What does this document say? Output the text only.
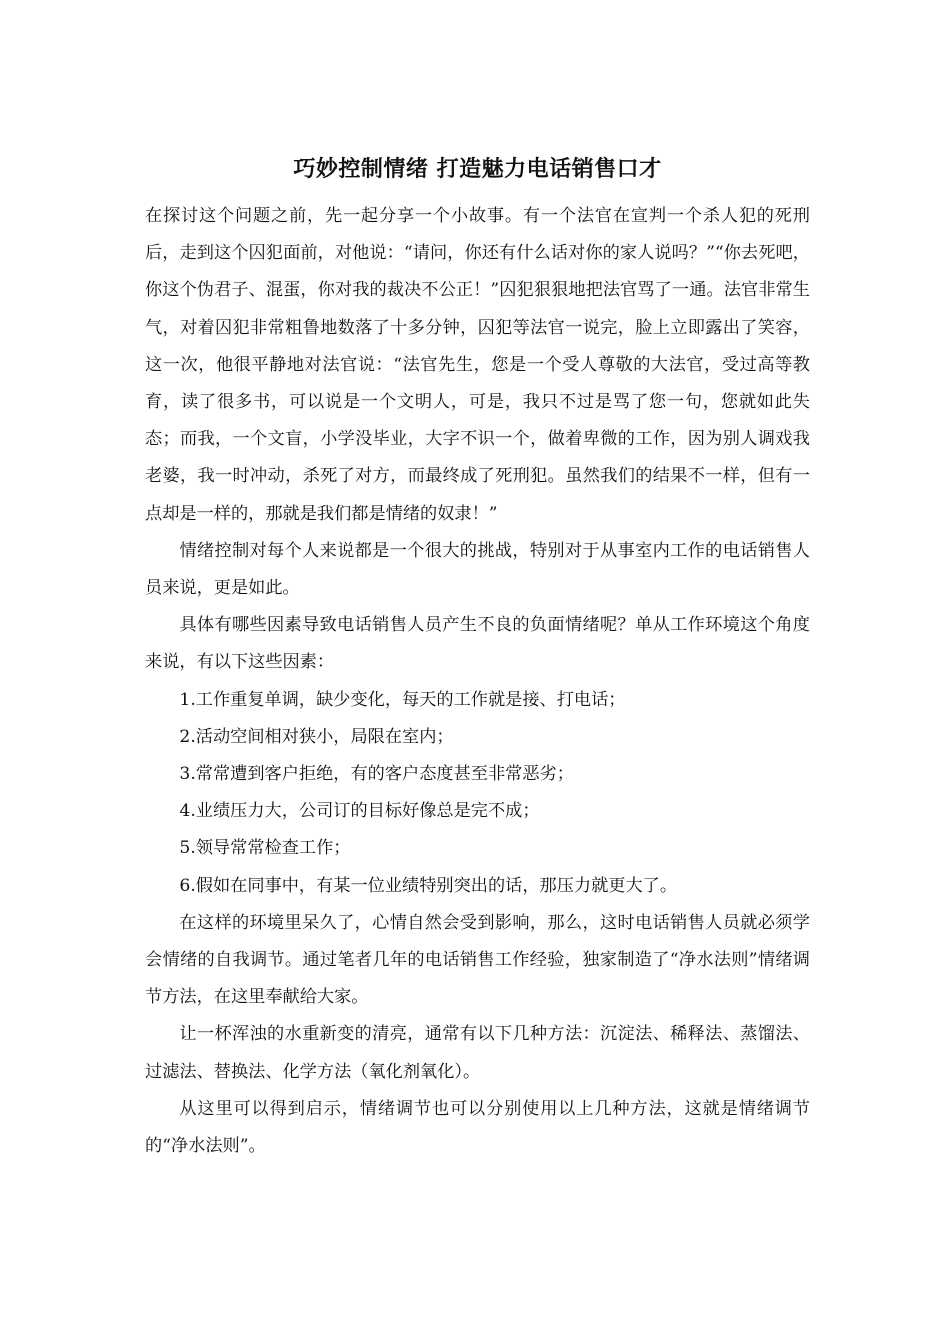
巧妙控制情绪 打造魅力电话销售口才

在探讨这个问题之前，先一起分享一个小故事。有一个法官在宣判一个杀人犯的死刑后，走到这个囚犯面前，对他说：“请问，你还有什么话对你的家人说吗？”“你去死吧，你这个伪君子、混蛋，你对我的裁决不公正！”囚犯狠狠地把法官骂了一通。法官非常生气，对着囚犯非常粗鲁地数落了十多分钟，囚犯等法官一说完，脸上立即露出了笑容，这一次，他很平静地对法官说：“法官先生，您是一个受人尊敬的大法官，受过高等教育，读了很多书，可以说是一个文明人，可是，我只不过是骂了您一句，您就如此失态；而我，一个文盲，小学没毕业，大字不识一个，做着卑微的工作，因为别人调戏我老婆，我一时冲动，杀死了对方，而最终成了死刑犯。虽然我们的结果不一样，但有一点却是一样的，那就是我们都是情绪的奴隶！”

情绪控制对每个人来说都是一个很大的挑战，特别对于从事室内工作的电话销售人员来说，更是如此。

具体有哪些因素导致电话销售人员产生不良的负面情绪呢？单从工作环境这个角度来说，有以下这些因素：

1.工作重复单调，缺少变化，每天的工作就是接、打电话；

2.活动空间相对狭小，局限在室内；

3.常常遭到客户拒绝，有的客户态度甚至非常恶劣；

4.业绩压力大，公司订的目标好像总是完不成；

5.领导常常检查工作；

6.假如在同事中，有某一位业绩特别突出的话，那压力就更大了。

在这样的环境里呆久了，心情自然会受到影响，那么，这时电话销售人员就必须学会情绪的自我调节。通过笔者几年的电话销售工作经验，独家制造了“净水法则”情绪调节方法，在这里奉献给大家。

让一杯浑浊的水重新变的清亮，通常有以下几种方法：沉淀法、稀释法、蒸馏法、过滤法、替换法、化学方法（氧化剂氧化）。

从这里可以得到启示，情绪调节也可以分别使用以上几种方法，这就是情绪调节的“净水法则”。
